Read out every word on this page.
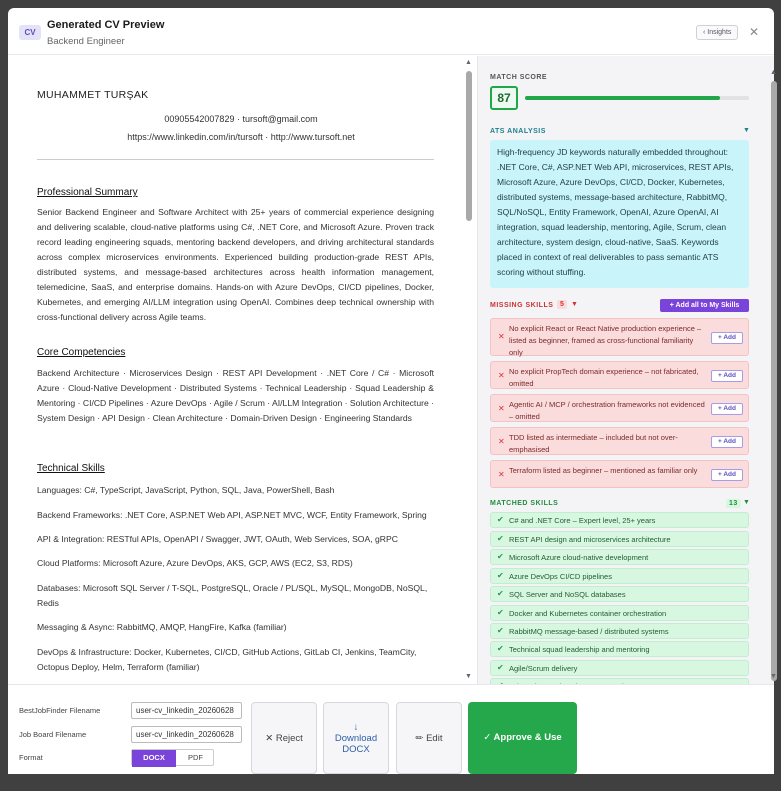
CV
Generated CV Preview
Backend Engineer
‹ Insights	✕
MUHAMMET TURŞAK
00905542007829 · tursoft@gmail.com
https://www.linkedin.com/in/tursoft · http://www.tursoft.net
Professional Summary
Senior Backend Engineer and Software Architect with 25+ years of commercial experience designing and delivering scalable, cloud-native platforms using C#, .NET Core, and Microsoft Azure. Proven track record leading engineering squads, mentoring backend developers, and driving architectural standards across complex microservices environments. Experienced building production-grade REST APIs, distributed systems, and message-based architectures across health information management, telemedicine, SaaS, and enterprise domains. Hands-on with Azure DevOps, CI/CD pipelines, Docker, Kubernetes, and emerging AI/LLM integration using OpenAI. Combines deep technical ownership with cross-functional delivery across Agile teams.
Core Competencies
Backend Architecture · Microservices Design · REST API Development · .NET Core / C# · Microsoft Azure · Cloud-Native Development · Distributed Systems · Technical Leadership · Squad Leadership & Mentoring · CI/CD Pipelines · Azure DevOps · Agile / Scrum · AI/LLM Integration · Solution Architecture · System Design · API Design · Clean Architecture · Domain-Driven Design · Engineering Standards
Technical Skills
Languages: C#, TypeScript, JavaScript, Python, SQL, Java, PowerShell, Bash
Backend Frameworks: .NET Core, ASP.NET Web API, ASP.NET MVC, WCF, Entity Framework, Spring
API & Integration: RESTful APIs, OpenAPI / Swagger, JWT, OAuth, Web Services, SOA, gRPC
Cloud Platforms: Microsoft Azure, Azure DevOps, AKS, GCP, AWS (EC2, S3, RDS)
Databases: Microsoft SQL Server / T-SQL, PostgreSQL, Oracle / PL/SQL, MySQL, MongoDB, NoSQL, Redis
Messaging & Async: RabbitMQ, AMQP, HangFire, Kafka (familiar)
DevOps & Infrastructure: Docker, Kubernetes, CI/CD, GitHub Actions, GitLab CI, Jenkins, TeamCity, Octopus Deploy, Helm, Terraform (familiar)
▲
▼
MATCH SCORE
87
ATS ANALYSIS	▼
High-frequency JD keywords naturally embedded throughout: .NET Core, C#, ASP.NET Web API, microservices, REST APIs, Microsoft Azure, Azure DevOps, CI/CD, Docker, Kubernetes, distributed systems, message-based architecture, RabbitMQ, SQL/NoSQL, Entity Framework, OpenAI, Azure OpenAI, AI integration, squad leadership, mentoring, Agile, Scrum, clean architecture, system design, cloud-native, SaaS. Keywords placed in context of real deliverables to pass semantic ATS scoring without stuffing.
MISSING SKILLS 5 ▼	+ Add all to My Skills
✕
No explicit React or React Native production experience – listed as beginner, framed as cross-functional familiarity only
+ Add
✕ No explicit PropTech domain experience – not fabricated, omitted
+ Add
✕ Agentic AI / MCP / orchestration frameworks not evidenced – omitted
+ Add
✕ TDD listed as intermediate – included but not over-emphasised
+ Add
✕ Terraform listed as beginner – mentioned as familiar only	+ Add
MATCHED SKILLS	13 ▼
✔ C# and .NET Core – Expert level, 25+ years
✔ REST API design and microservices architecture
✔ Microsoft Azure cloud-native development
✔ Azure DevOps CI/CD pipelines
✔ SQL Server and NoSQL databases
✔ Docker and Kubernetes container orchestration
✔ RabbitMQ message-based / distributed systems
✔ Technical squad leadership and mentoring
✔ Agile/Scrum delivery
▲
▼
BestJobFinder Filename
user-cv_linkedin_20260628
Job Board Filename
user-cv_linkedin_20260628
Format	DOCX	PDF
✕ Reject
↓
Download
DOCX
✏ Edit	✓ Approve & Use
